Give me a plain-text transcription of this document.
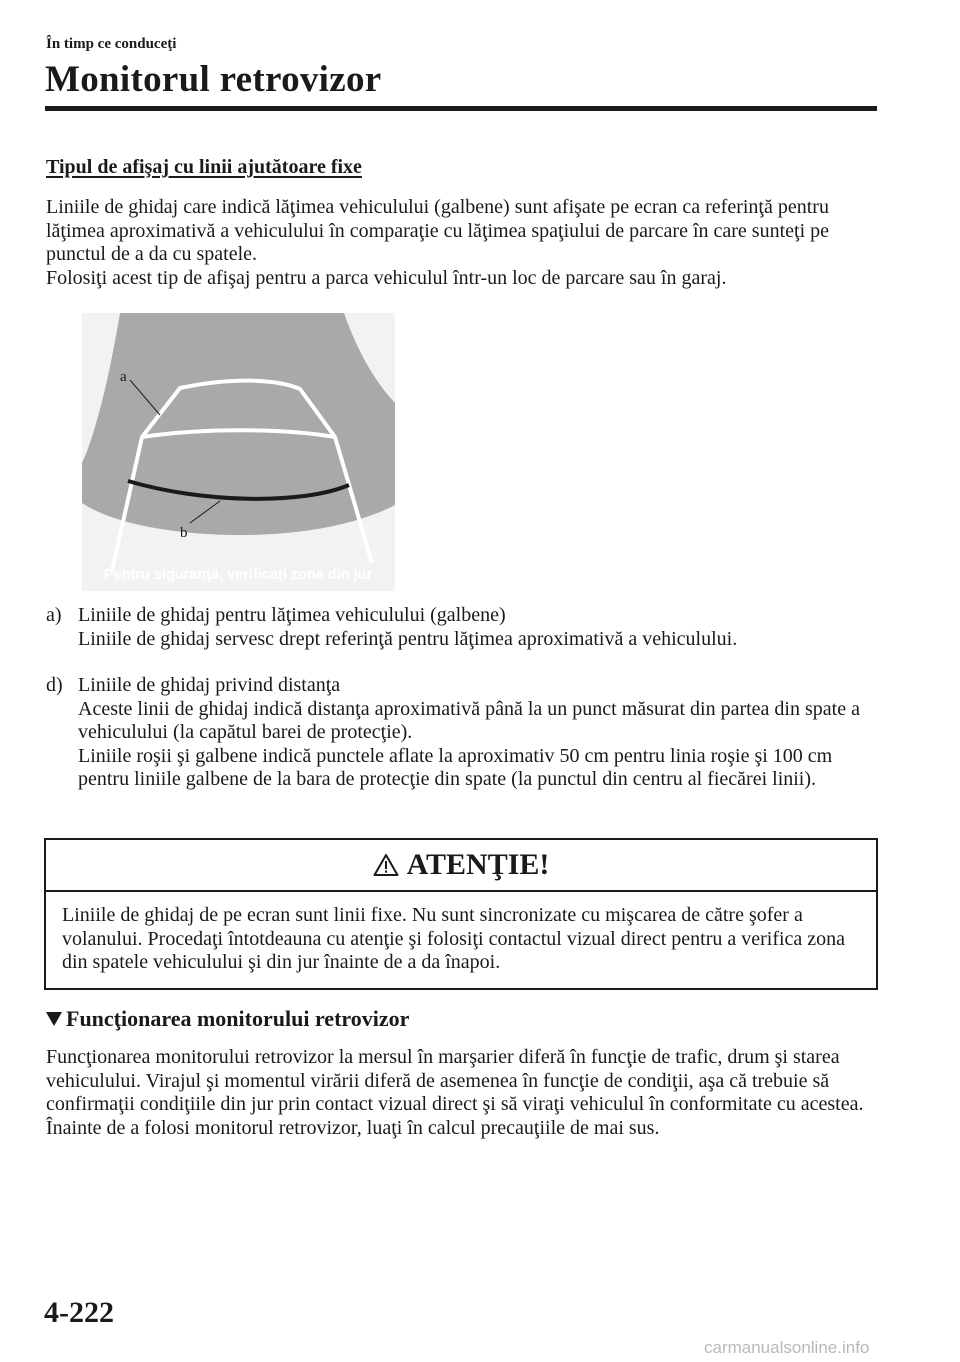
În timp ce conduceţi
Monitorul retrovizor
Tipul de afişaj cu linii ajutătoare fixe
Liniile de ghidaj care indică lăţimea vehiculului (galbene) sunt afişate pe ecran ca referinţă pentru lăţimea aproximativă a vehiculului în comparaţie cu lăţimea spaţiului de parcare în care sunteţi pe punctul de a da cu spatele.
Folosiţi acest tip de afişaj pentru a parca vehiculul într-un loc de parcare sau în garaj.
a
b
Pentru siguranţă, verificaţi zona din jur
a) Liniile de ghidaj pentru lăţimea vehiculului (galbene)
Liniile de ghidaj servesc drept referinţă pentru lăţimea aproximativă a vehiculului.
d) Liniile de ghidaj privind distanţa
Aceste linii de ghidaj indică distanţa aproximativă până la un punct măsurat din partea din spate a vehiculului (la capătul barei de protecţie).
Liniile roşii şi galbene indică punctele aflate la aproximativ 50 cm pentru linia roşie şi 100 cm pentru liniile galbene de la bara de protecţie din spate (la punctul din centru al fiecărei linii).
ATENŢIE!
Liniile de ghidaj de pe ecran sunt linii fixe. Nu sunt sincronizate cu mişcarea de către şofer a volanului. Procedaţi întotdeauna cu atenţie şi folosiţi contactul vizual direct pentru a verifica zona din spatele vehiculului şi din jur înainte de a da înapoi.
Funcţionarea monitorului retrovizor
Funcţionarea monitorului retrovizor la mersul în marşarier diferă în funcţie de trafic, drum şi starea vehiculului. Virajul şi momentul virării diferă de asemenea în funcţie de condiţii, aşa că trebuie să confirmaţii condiţiile din jur prin contact vizual direct şi să viraţi vehiculul în conformitate cu acestea.
Înainte de a folosi monitorul retrovizor, luaţi în calcul precauţiile de mai sus.
4-222
carmanualsonline.info
